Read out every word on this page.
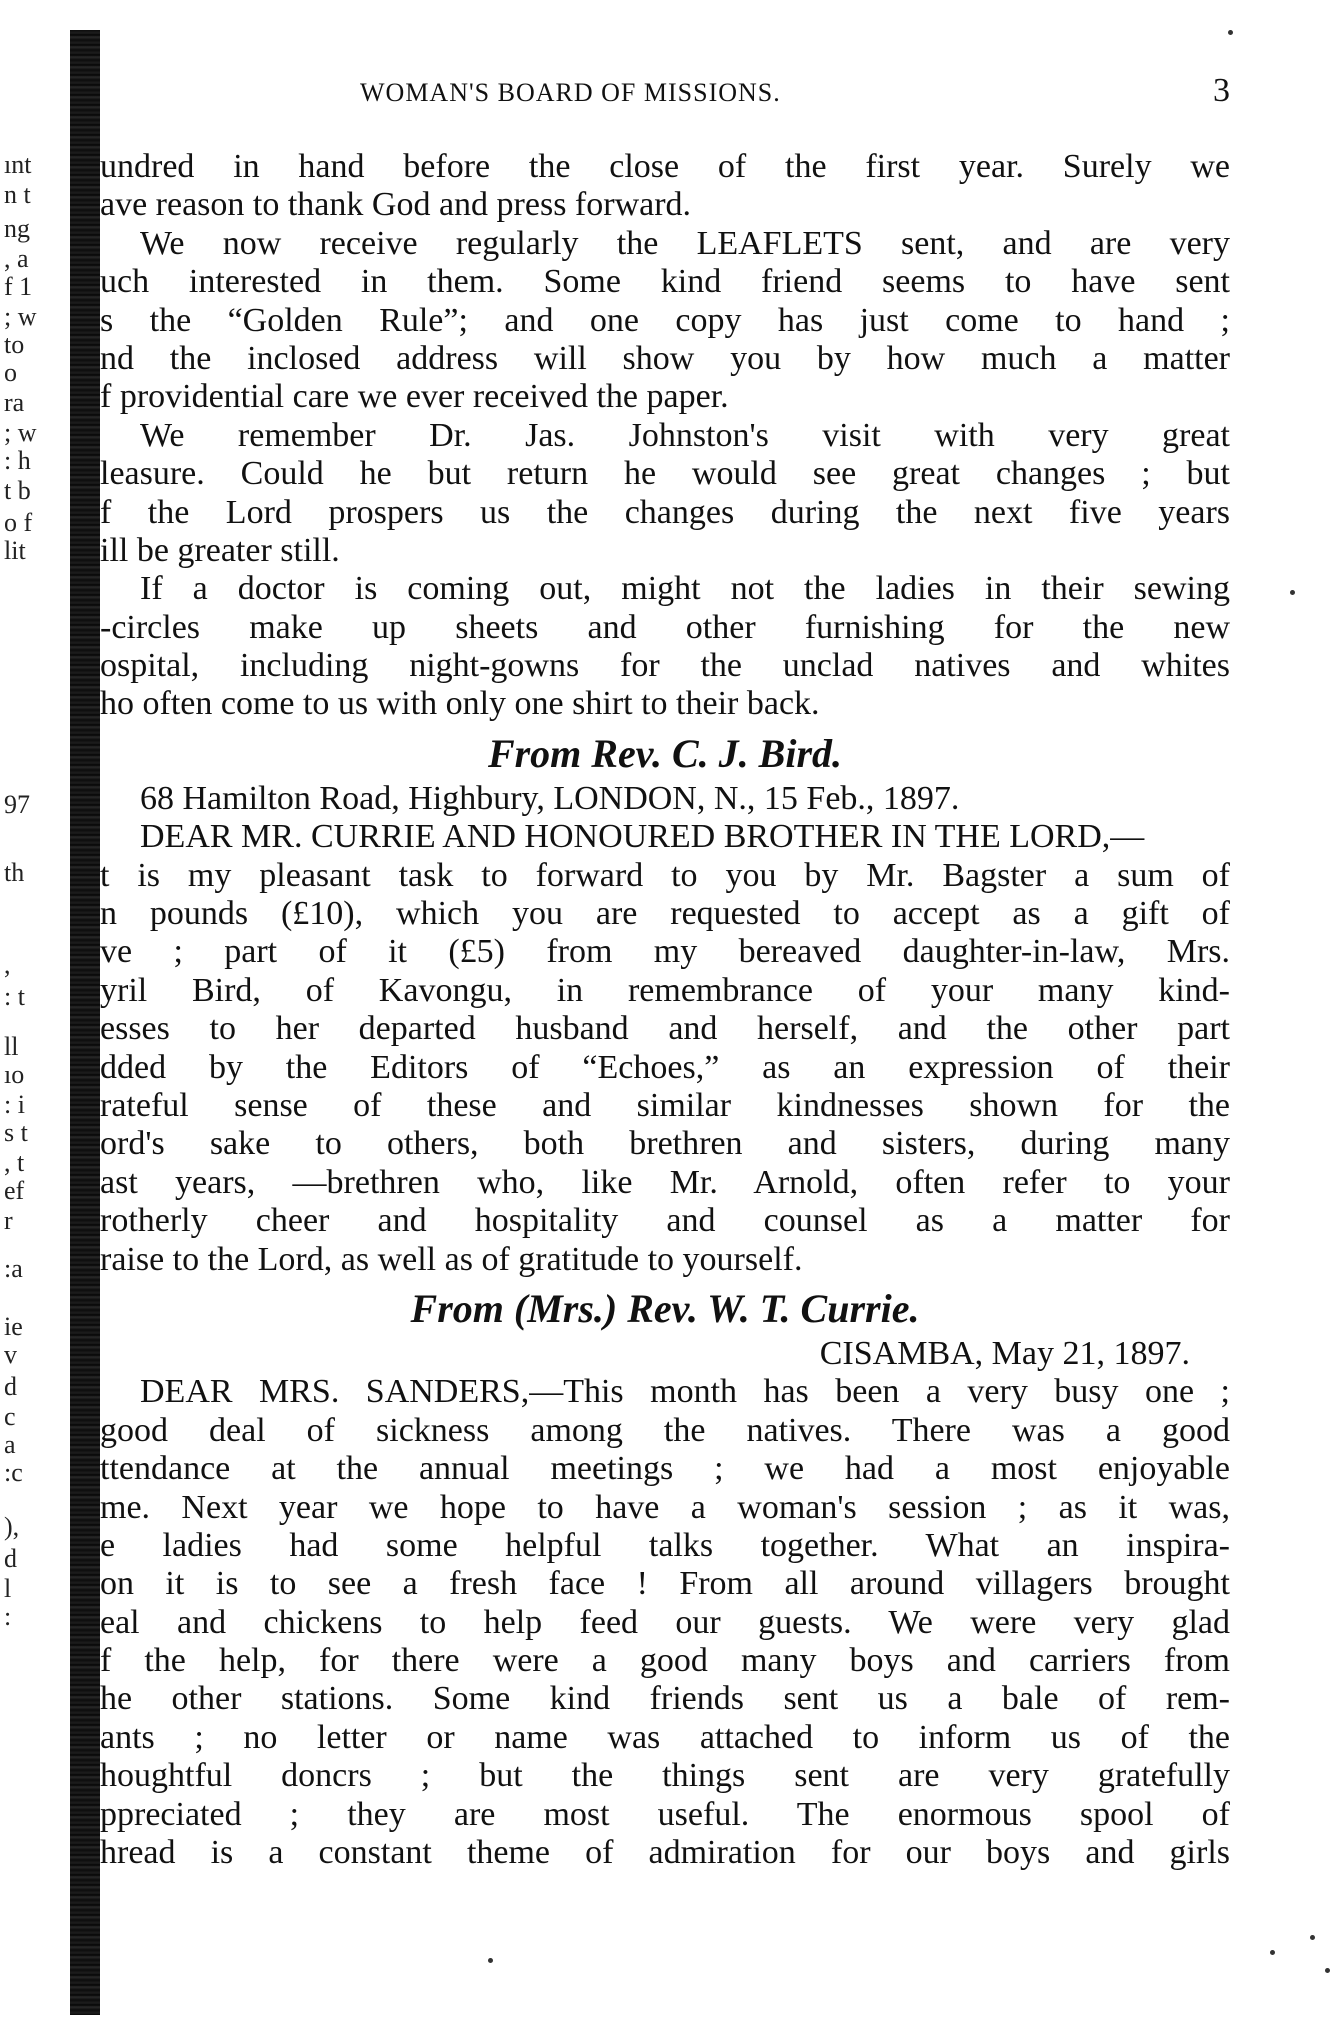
ınt
n t
ng
, a
f 1
; w
to
o
ra
; w
: h
t b
o f
lit
97
th
,
: t
ll
ıo
: i
s t
, t
ef
r
:a
ie
v
d
c
a
:c
),
d
l
:
WOMAN'S BOARD OF MISSIONS.	3
undred in hand before the close of the first year. Surely we
ave reason to thank God and press forward.
We now receive regularly the LEAFLETS sent, and are very
uch interested in them. Some kind friend seems to have sent
s the “Golden Rule”; and one copy has just come to hand ;
nd the inclosed address will show you by how much a matter
f providential care we ever received the paper.
We remember Dr. Jas. Johnston's visit with very great
leasure. Could he but return he would see great changes ; but
f the Lord prospers us the changes during the next five years
ill be greater still.
If a doctor is coming out, might not the ladies in their sewing
-circles make up sheets and other furnishing for the new
ospital, including night-gowns for the unclad natives and whites
ho often come to us with only one shirt to their back.
From Rev. C. J. Bird.
68 Hamilton Road, Highbury, LONDON, N., 15 Feb., 1897.
DEAR MR. CURRIE AND HONOURED BROTHER IN THE LORD,—
t is my pleasant task to forward to you by Mr. Bagster a sum of
n pounds (£10), which you are requested to accept as a gift of
ve ; part of it (£5) from my bereaved daughter-in-law, Mrs.
yril Bird, of Kavongu, in remembrance of your many kind-
esses to her departed husband and herself, and the other part
dded by the Editors of “Echoes,” as an expression of their
rateful sense of these and similar kindnesses shown for the
ord's sake to others, both brethren and sisters, during many
ast years, —brethren who, like Mr. Arnold, often refer to your
rotherly cheer and hospitality and counsel as a matter for
raise to the Lord, as well as of gratitude to yourself.
From (Mrs.) Rev. W. T. Currie.
CISAMBA, May 21, 1897.
DEAR MRS. SANDERS,—This month has been a very busy one ;
good deal of sickness among the natives. There was a good
ttendance at the annual meetings ; we had a most enjoyable
me. Next year we hope to have a woman's session ; as it was,
e ladies had some helpful talks together. What an inspira-
on it is to see a fresh face ! From all around villagers brought
eal and chickens to help feed our guests. We were very glad
f the help, for there were a good many boys and carriers from
he other stations. Some kind friends sent us a bale of rem-
ants ; no letter or name was attached to inform us of the
houghtful doncrs ; but the things sent are very gratefully
ppreciated ; they are most useful. The enormous spool of
hread is a constant theme of admiration for our boys and girls
